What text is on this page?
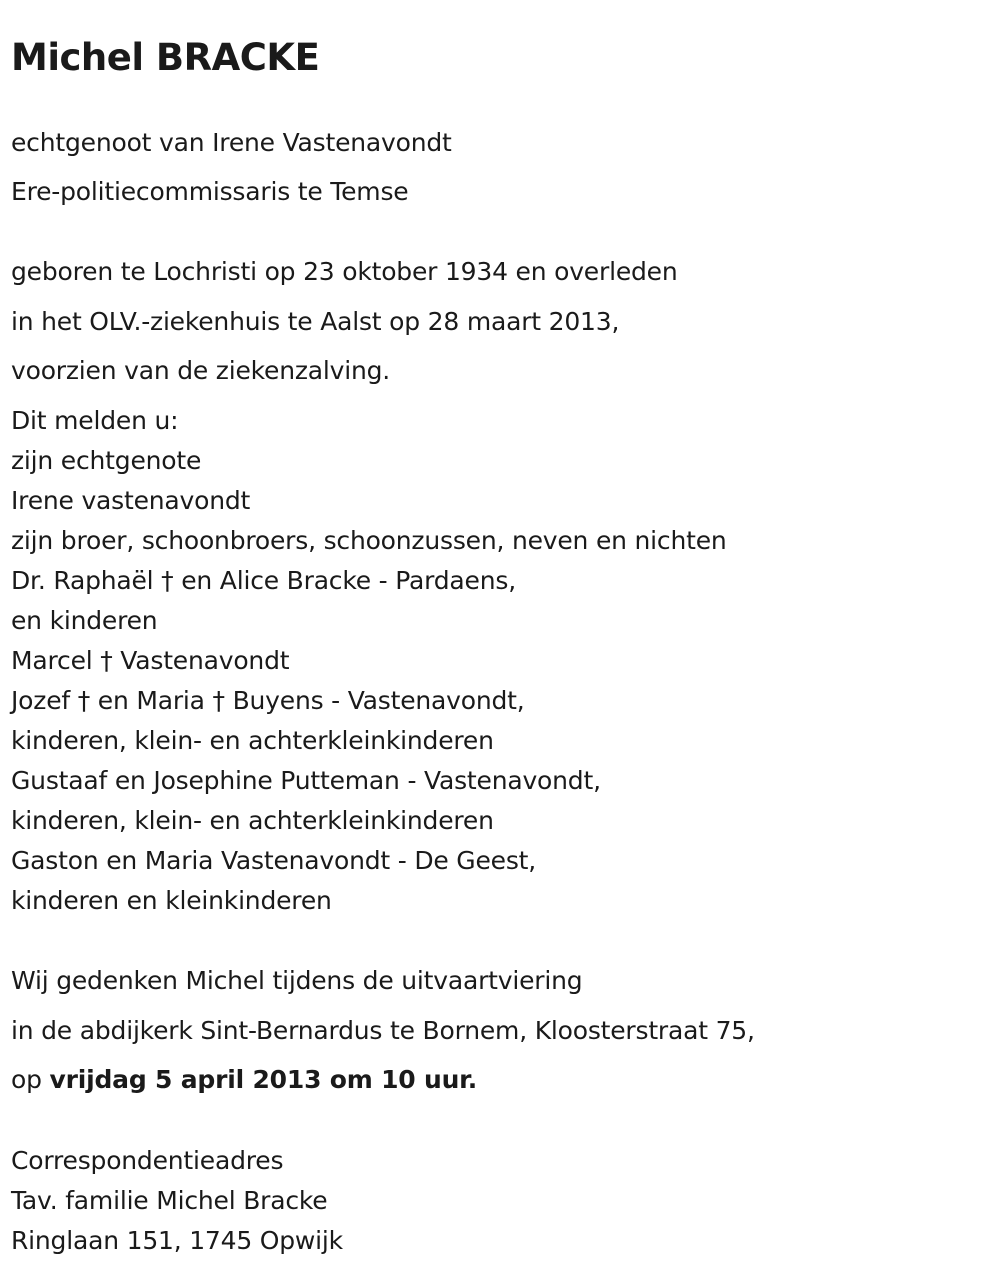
Michel BRACKE
echtgenoot van Irene Vastenavondt
Ere-politiecommissaris te Temse
geboren te Lochristi op 23 oktober 1934 en overleden
in het OLV.-ziekenhuis te Aalst op 28 maart 2013,
voorzien van de ziekenzalving.
Dit melden u:
zijn echtgenote
Irene vastenavondt
zijn broer, schoonbroers, schoonzussen, neven en nichten
Dr. Raphaël † en Alice Bracke - Pardaens,
en kinderen
Marcel † Vastenavondt
Jozef † en Maria † Buyens - Vastenavondt,
kinderen, klein- en achterkleinkinderen
Gustaaf en Josephine Putteman - Vastenavondt,
kinderen, klein- en achterkleinkinderen
Gaston en Maria Vastenavondt - De Geest,
kinderen en kleinkinderen
Wij gedenken Michel tijdens de uitvaartviering
in de abdijkerk Sint-Bernardus te Bornem, Kloosterstraat 75,
op vrijdag 5 april 2013 om 10 uur.
Correspondentieadres
Tav. familie Michel Bracke
Ringlaan 151, 1745 Opwijk
